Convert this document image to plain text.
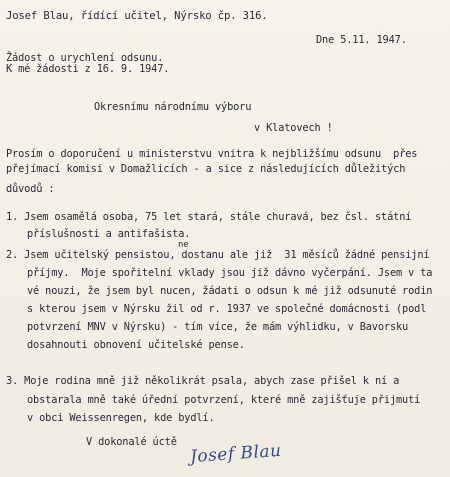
Josef Blau, řídící učitel, Nýrsko čp. 316.
Dne 5.11. 1947.
Žádost o urychlení odsunu.
K mé žádosti z 16. 9. 1947.
Okresnímu národnímu výboru
v Klatovech !
Prosím o doporučení u ministerstvu vnitra k nejbližšímu odsunu  přes
přejímací komisi v Domažlicích - a sice z následujících důležitých
důvodů :
1. Jsem osamělá osoba, 75 let stará, stále churavá, bez čsl. státní
příslušnosti a antifašista.
ne
2. Jsem učitelský pensistou, dostanu ale již  31 měsíců žádné pensijní
příjmy.  Moje spořitelní vklady jsou již dávno vyčerpání. Jsem v ta
vé nouzi, že jsem byl nucen, žádati o odsun k mé již odsunuté rodin
s kterou jsem v Nýrsku žil od r. 1937 ve společné domácnosti (podl
potvrzení MNV v Nýrsku) - tím více, že mám výhlidku, v Bavorsku
dosahnouti obnovení učitelské pense.
3. Moje rodina mně již několikrát psala, abych zase přišel k ní a
obstarala mně také úřední potvrzení, které mně zajišťuje přijmutí
v obci Weissenregen, kde bydlí.
V dokonalé úctě Josef Blau
